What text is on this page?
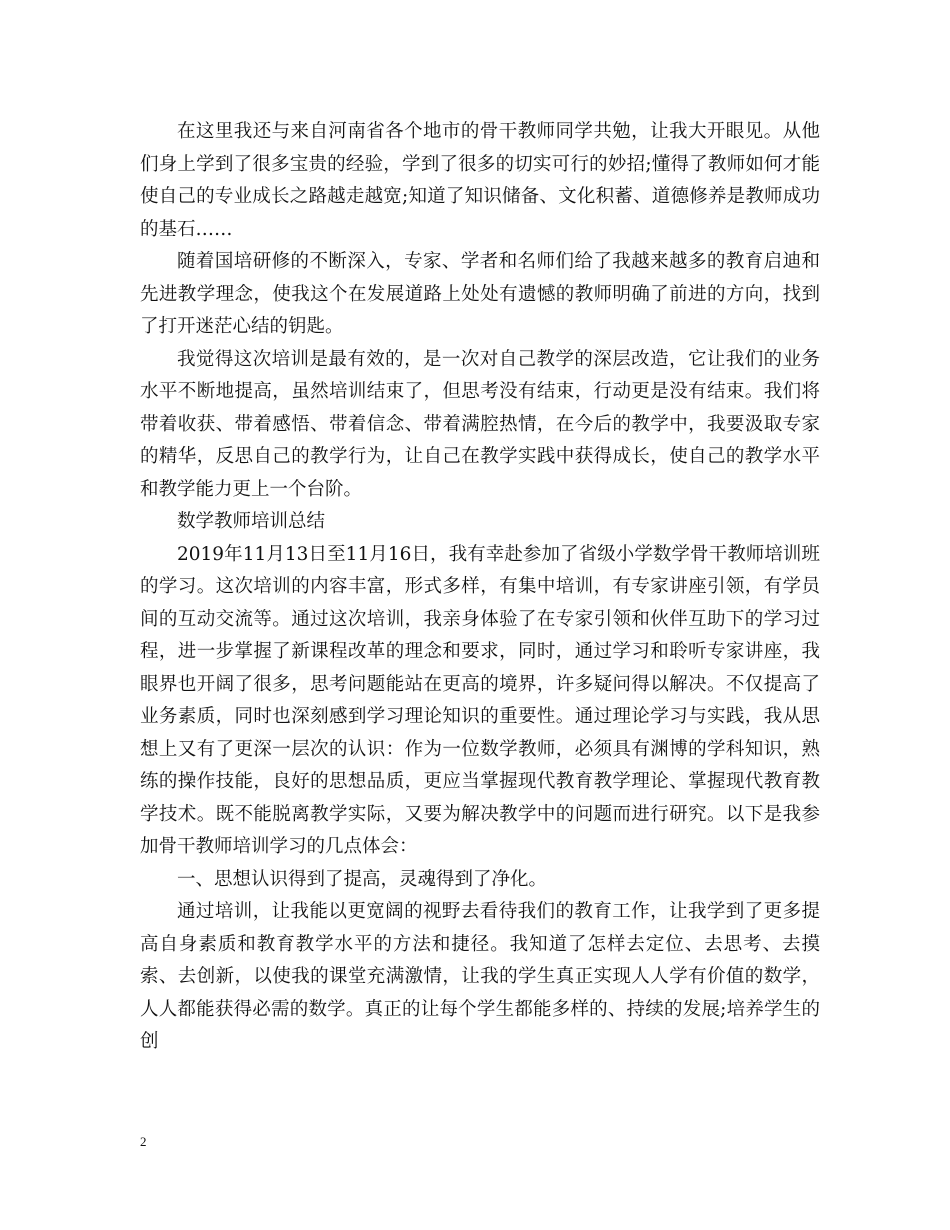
在这里我还与来自河南省各个地市的骨干教师同学共勉，让我大开眼见。从他们身上学到了很多宝贵的经验，学到了很多的切实可行的妙招;懂得了教师如何才能使自己的专业成长之路越走越宽;知道了知识储备、文化积蓄、道德修养是教师成功的基石……

随着国培研修的不断深入，专家、学者和名师们给了我越来越多的教育启迪和先进教学理念，使我这个在发展道路上处处有遗憾的教师明确了前进的方向，找到了打开迷茫心结的钥匙。

我觉得这次培训是最有效的，是一次对自己教学的深层改造，它让我们的业务水平不断地提高，虽然培训结束了，但思考没有结束，行动更是没有结束。我们将带着收获、带着感悟、带着信念、带着满腔热情，在今后的教学中，我要汲取专家的精华，反思自己的教学行为，让自己在教学实践中获得成长，使自己的教学水平和教学能力更上一个台阶。

数学教师培训总结

2019年11月13日至11月16日，我有幸赴参加了省级小学数学骨干教师培训班的学习。这次培训的内容丰富，形式多样，有集中培训，有专家讲座引领，有学员间的互动交流等。通过这次培训，我亲身体验了在专家引领和伙伴互助下的学习过程，进一步掌握了新课程改革的理念和要求，同时，通过学习和聆听专家讲座，我眼界也开阔了很多，思考问题能站在更高的境界，许多疑问得以解决。不仅提高了业务素质，同时也深刻感到学习理论知识的重要性。通过理论学习与实践，我从思想上又有了更深一层次的认识：作为一位数学教师，必须具有渊博的学科知识，熟练的操作技能，良好的思想品质，更应当掌握现代教育教学理论、掌握现代教育教学技术。既不能脱离教学实际，又要为解决教学中的问题而进行研究。以下是我参加骨干教师培训学习的几点体会：

一、思想认识得到了提高，灵魂得到了净化。

通过培训，让我能以更宽阔的视野去看待我们的教育工作，让我学到了更多提高自身素质和教育教学水平的方法和捷径。我知道了怎样去定位、去思考、去摸索、去创新，以使我的课堂充满激情，让我的学生真正实现人人学有价值的数学，人人都能获得必需的数学。真正的让每个学生都能多样的、持续的发展;培养学生的创

2
